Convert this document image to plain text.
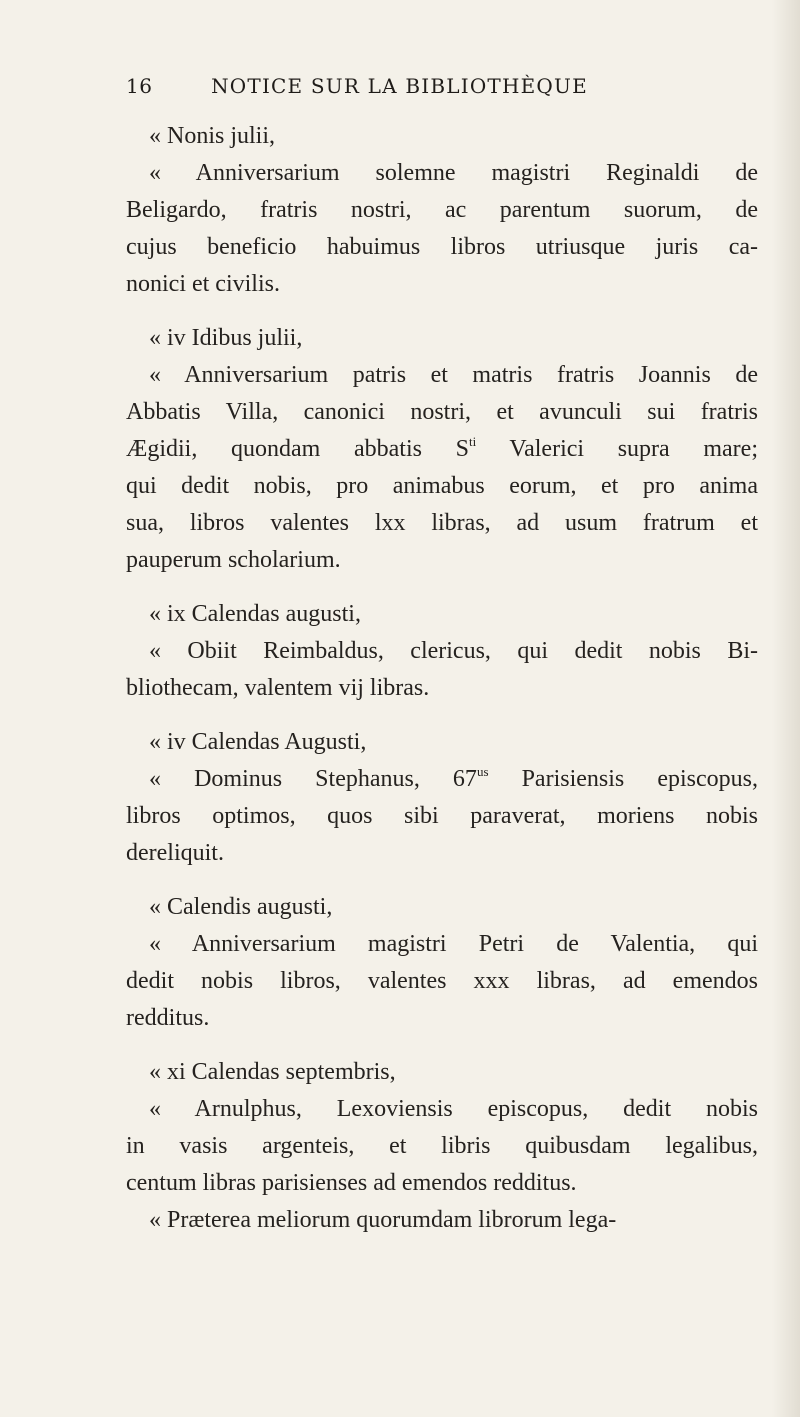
16	NOTICE SUR LA BIBLIOTHÈQUE
« Nonis julii,
« Anniversarium solemne magistri Reginaldi de
Beligardo, fratris nostri, ac parentum suorum, de
cujus beneficio habuimus libros utriusque juris ca-
nonici et civilis.
« iv Idibus julii,
« Anniversarium patris et matris fratris Joannis de
Abbatis Villa, canonici nostri, et avunculi sui fratris
Ægidii, quondam abbatis $S^{ti}$ Valerici supra mare;
qui dedit nobis, pro animabus eorum, et pro anima
sua, libros valentes lxx libras, ad usum fratrum et
pauperum scholarium.
« ix Calendas augusti,
« Obiit Reimbaldus, clericus, qui dedit nobis Bi-
bliothecam, valentem vij libras.
« iv Calendas Augusti,
« Dominus Stephanus, $67^{us}$ Parisiensis episcopus,
libros optimos, quos sibi paraverat, moriens nobis
dereliquit.
« Calendis augusti,
« Anniversarium magistri Petri de Valentia, qui
dedit nobis libros, valentes xxx libras, ad emendos
redditus.
« xi Calendas septembris,
« Arnulphus, Lexoviensis episcopus, dedit nobis
in vasis argenteis, et libris quibusdam legalibus,
centum libras parisienses ad emendos redditus.
« Præterea meliorum quorumdam librorum lega-
